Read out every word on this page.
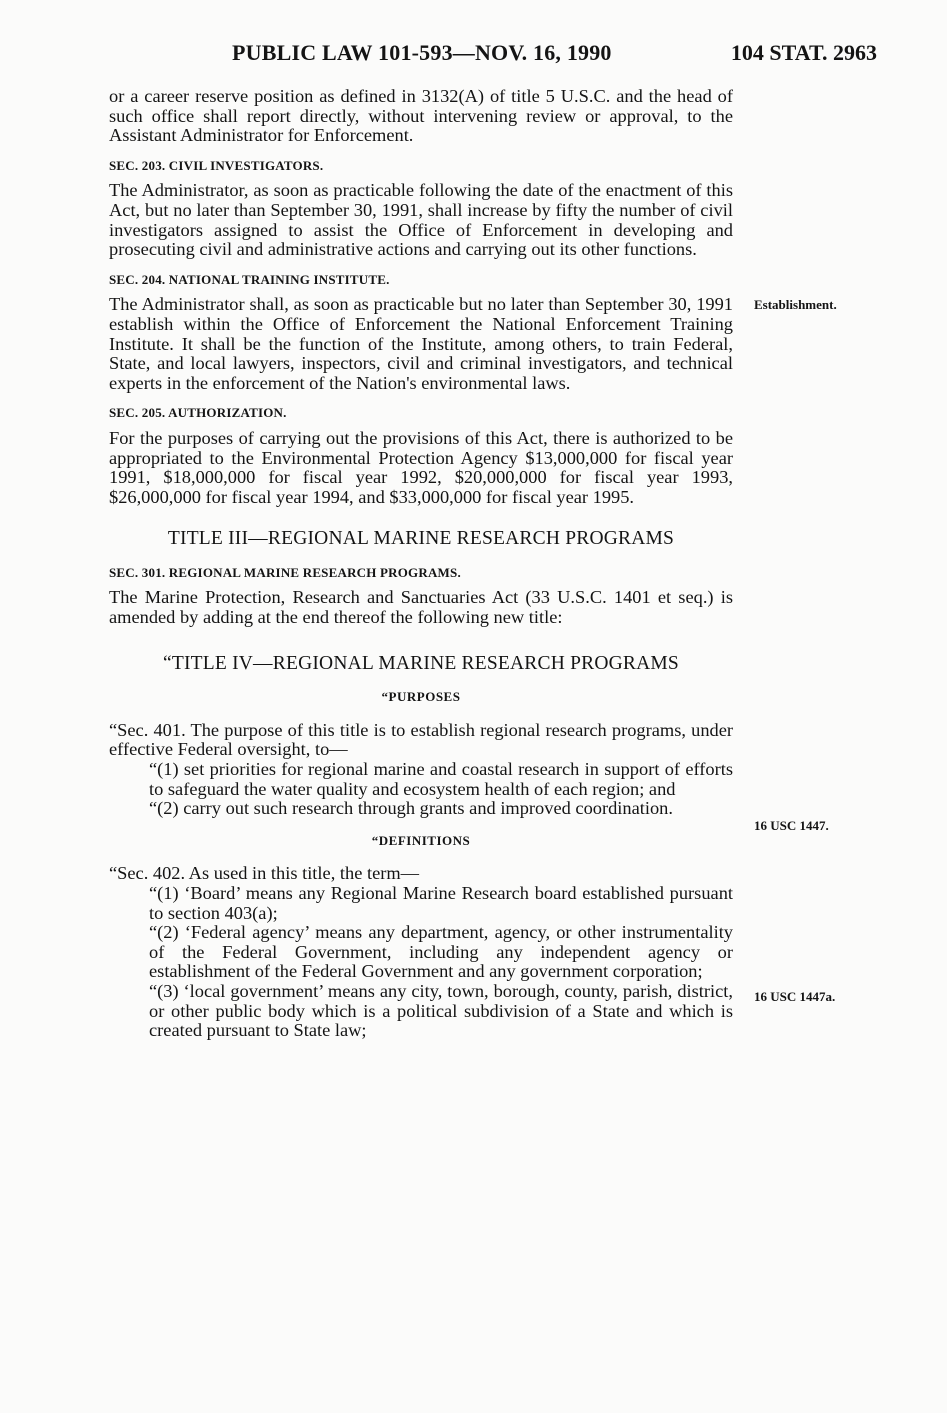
PUBLIC LAW 101-593—NOV. 16, 1990	104 STAT. 2963
Establishment.
16 USC 1447.
16 USC 1447a.

or a career reserve position as defined in 3132(A) of title 5 U.S.C. and the head of such office shall report directly, without intervening review or approval, to the Assistant Administrator for Enforcement.

SEC. 203. CIVIL INVESTIGATORS.

The Administrator, as soon as practicable following the date of the enactment of this Act, but no later than September 30, 1991, shall increase by fifty the number of civil investigators assigned to assist the Office of Enforcement in developing and prosecuting civil and administrative actions and carrying out its other functions.

SEC. 204. NATIONAL TRAINING INSTITUTE.

The Administrator shall, as soon as practicable but no later than September 30, 1991 establish within the Office of Enforcement the National Enforcement Training Institute. It shall be the function of the Institute, among others, to train Federal, State, and local lawyers, inspectors, civil and criminal investigators, and technical experts in the enforcement of the Nation's environmental laws.

SEC. 205. AUTHORIZATION.

For the purposes of carrying out the provisions of this Act, there is authorized to be appropriated to the Environmental Protection Agency $13,000,000 for fiscal year 1991, $18,000,000 for fiscal year 1992, $20,000,000 for fiscal year 1993, $26,000,000 for fiscal year 1994, and $33,000,000 for fiscal year 1995.

TITLE III—REGIONAL MARINE RESEARCH PROGRAMS
SEC. 301. REGIONAL MARINE RESEARCH PROGRAMS.

The Marine Protection, Research and Sanctuaries Act (33 U.S.C. 1401 et seq.) is amended by adding at the end thereof the following new title:

“TITLE IV—REGIONAL MARINE RESEARCH PROGRAMS
“PURPOSES

“Sec. 401. The purpose of this title is to establish regional research programs, under effective Federal oversight, to—

“(1) set priorities for regional marine and coastal research in support of efforts to safeguard the water quality and ecosystem health of each region; and

“(2) carry out such research through grants and improved coordination.

“DEFINITIONS

“Sec. 402. As used in this title, the term—

“(1) ‘Board’ means any Regional Marine Research board established pursuant to section 403(a);

“(2) ‘Federal agency’ means any department, agency, or other instrumentality of the Federal Government, including any independent agency or establishment of the Federal Government and any government corporation;

“(3) ‘local government’ means any city, town, borough, county, parish, district, or other public body which is a political subdivision of a State and which is created pursuant to State law;
